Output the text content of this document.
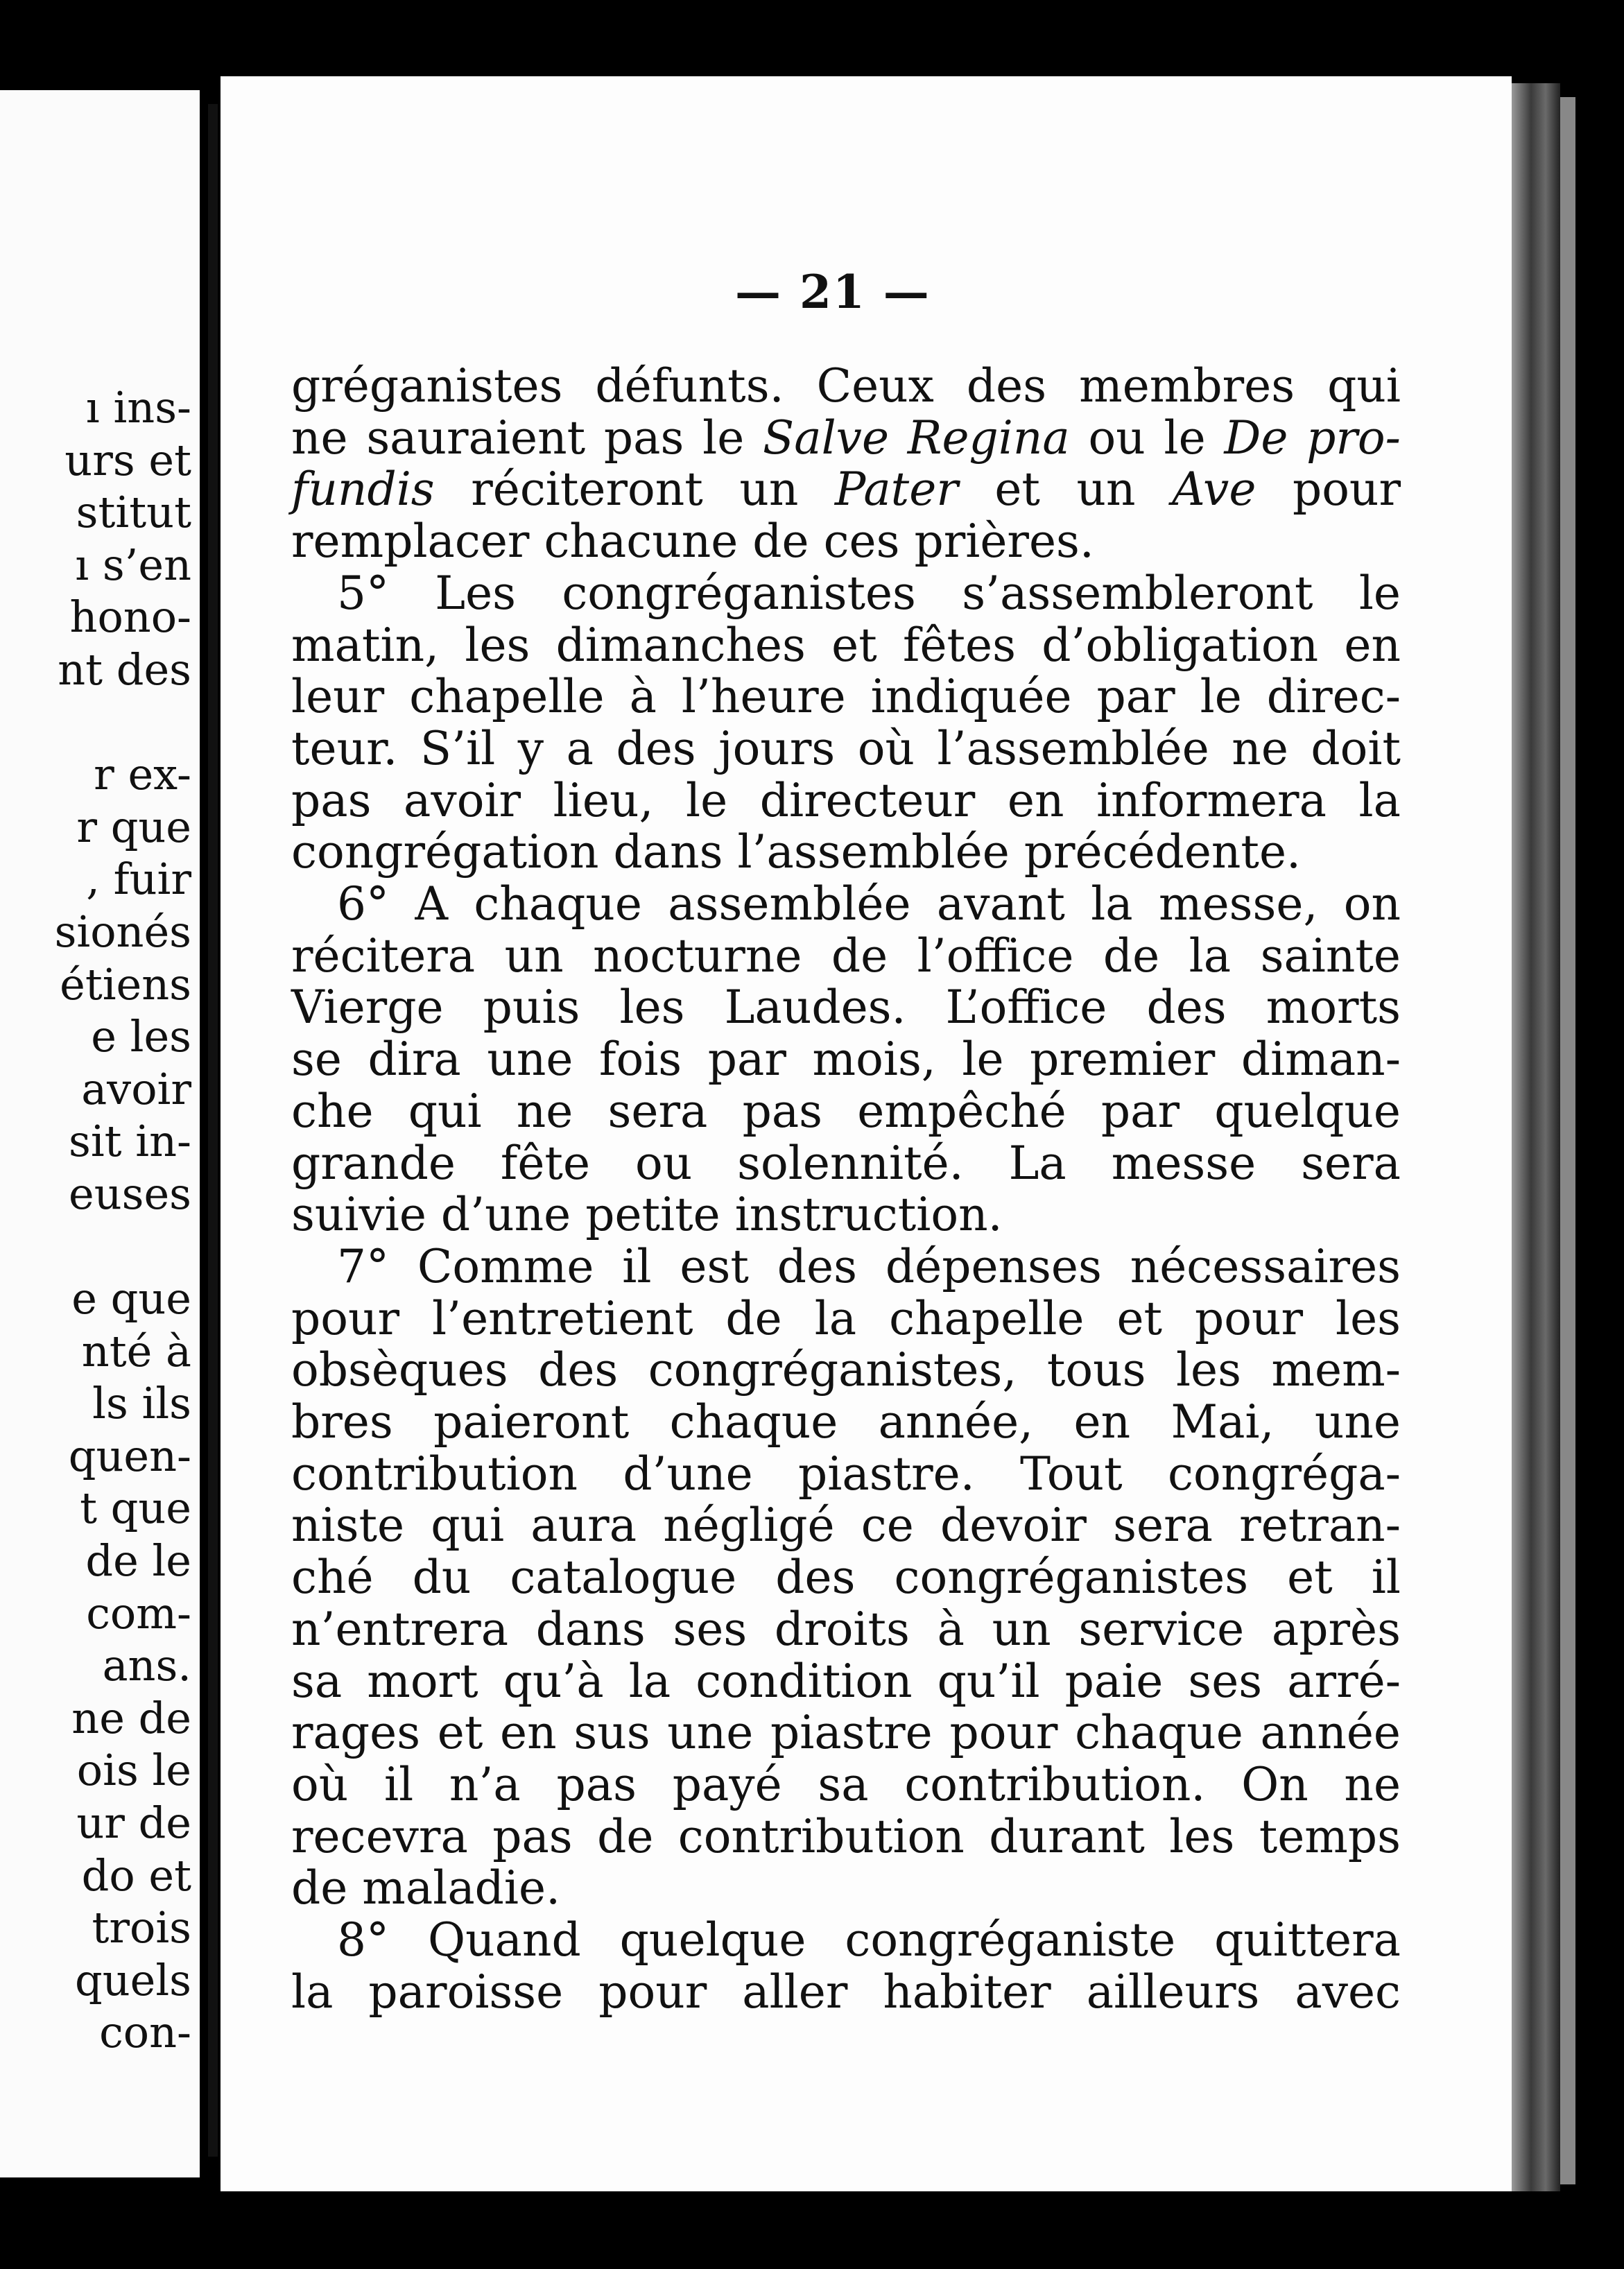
ı ins-
urs et
stitut
ı s’en
hono-
nt des

r ex-
r que
, fuir
sionés
étiens
e les
avoir
sit in-
euses

e que
nté à
ls ils
quen-
t que
de le
com-
ans.
ne de
ois le
ur de
do et
trois
quels
con-
— 21 —
gréganistes défunts. Ceux des membres qui
ne sauraient pas le Salve Regina ou le De pro-
fundis réciteront un Pater et un Ave pour
remplacer chacune de ces prières.
5° Les congréganistes s’assembleront le
matin, les dimanches et fêtes d’obligation en
leur chapelle à l’heure indiquée par le direc-
teur. S’il y a des jours où l’assemblée ne doit
pas avoir lieu, le directeur en informera la
congrégation dans l’assemblée précédente.
6° A chaque assemblée avant la messe, on
récitera un nocturne de l’office de la sainte
Vierge puis les Laudes. L’office des morts
se dira une fois par mois, le premier diman-
che qui ne sera pas empêché par quelque
grande fête ou solennité. La messe sera
suivie d’une petite instruction.
7° Comme il est des dépenses nécessaires
pour l’entretient de la chapelle et pour les
obsèques des congréganistes, tous les mem-
bres paieront chaque année, en Mai, une
contribution d’une piastre. Tout congréga-
niste qui aura négligé ce devoir sera retran-
ché du catalogue des congréganistes et il
n’entrera dans ses droits à un service après
sa mort qu’à la condition qu’il paie ses arré-
rages et en sus une piastre pour chaque année
où il n’a pas payé sa contribution. On ne
recevra pas de contribution durant les temps
de maladie.
8° Quand quelque congréganiste quittera
la paroisse pour aller habiter ailleurs avec
